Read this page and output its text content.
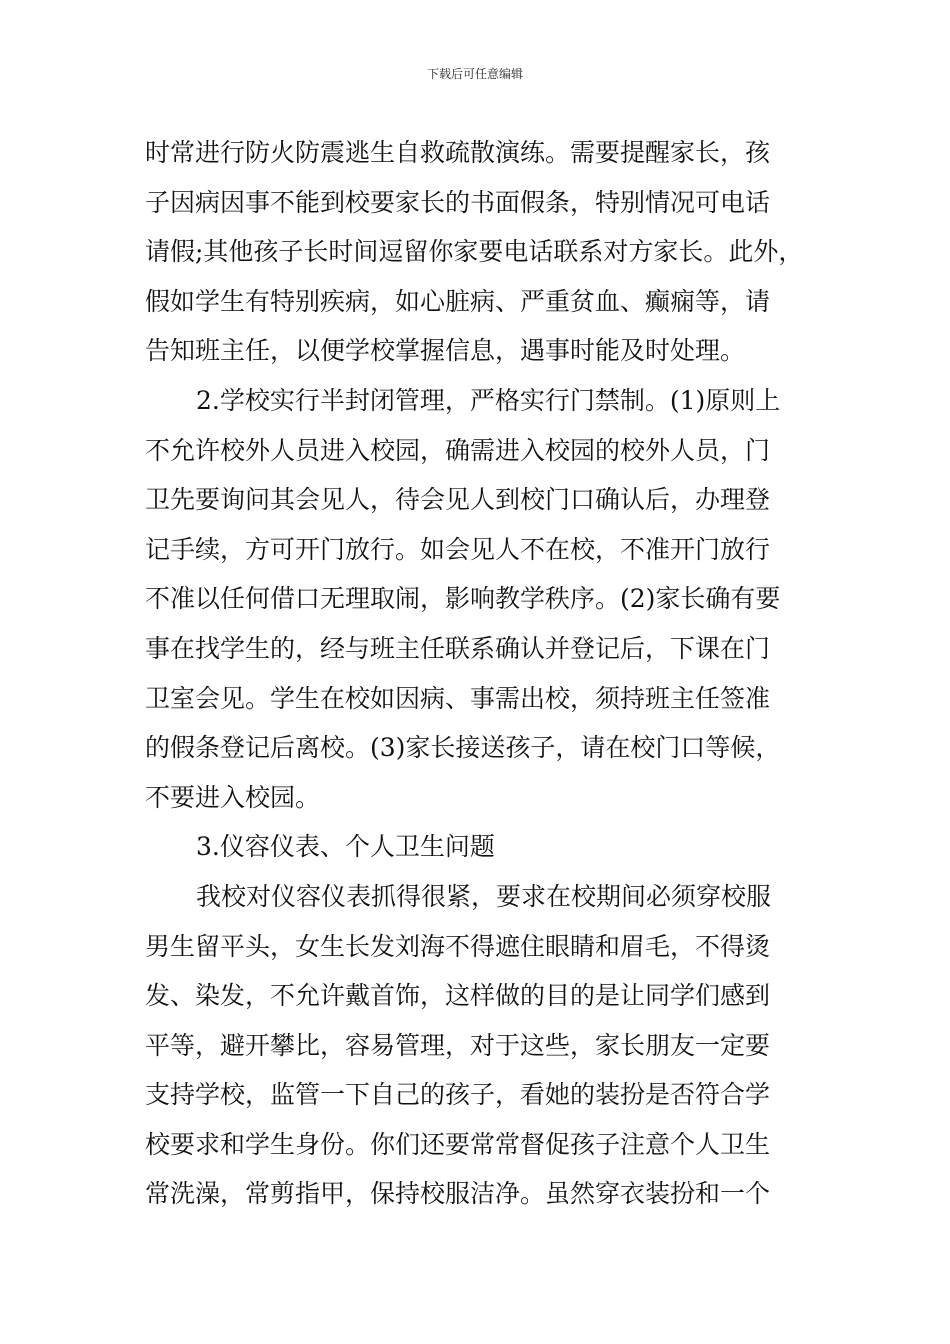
下载后可任意编辑
时常进行防火防震逃生自救疏散演练。需要提醒家长，孩
子因病因事不能到校要家长的书面假条，特别情况可电话
请假;其他孩子长时间逗留你家要电话联系对方家长。此外，
假如学生有特别疾病，如心脏病、严重贫血、癫痫等，请
告知班主任，以便学校掌握信息，遇事时能及时处理。
2.学校实行半封闭管理，严格实行门禁制。(1)原则上
不允许校外人员进入校园，确需进入校园的校外人员，门
卫先要询问其会见人，待会见人到校门口确认后，办理登
记手续，方可开门放行。如会见人不在校，不准开门放行
不准以任何借口无理取闹，影响教学秩序。(2)家长确有要
事在找学生的，经与班主任联系确认并登记后，下课在门
卫室会见。学生在校如因病、事需出校，须持班主任签准
的假条登记后离校。(3)家长接送孩子，请在校门口等候，
不要进入校园。
3.仪容仪表、个人卫生问题
我校对仪容仪表抓得很紧，要求在校期间必须穿校服
男生留平头，女生长发刘海不得遮住眼睛和眉毛，不得烫
发、染发，不允许戴首饰，这样做的目的是让同学们感到
平等，避开攀比，容易管理，对于这些，家长朋友一定要
支持学校，监管一下自己的孩子，看她的装扮是否符合学
校要求和学生身份。你们还要常常督促孩子注意个人卫生
常洗澡，常剪指甲，保持校服洁净。虽然穿衣装扮和一个
